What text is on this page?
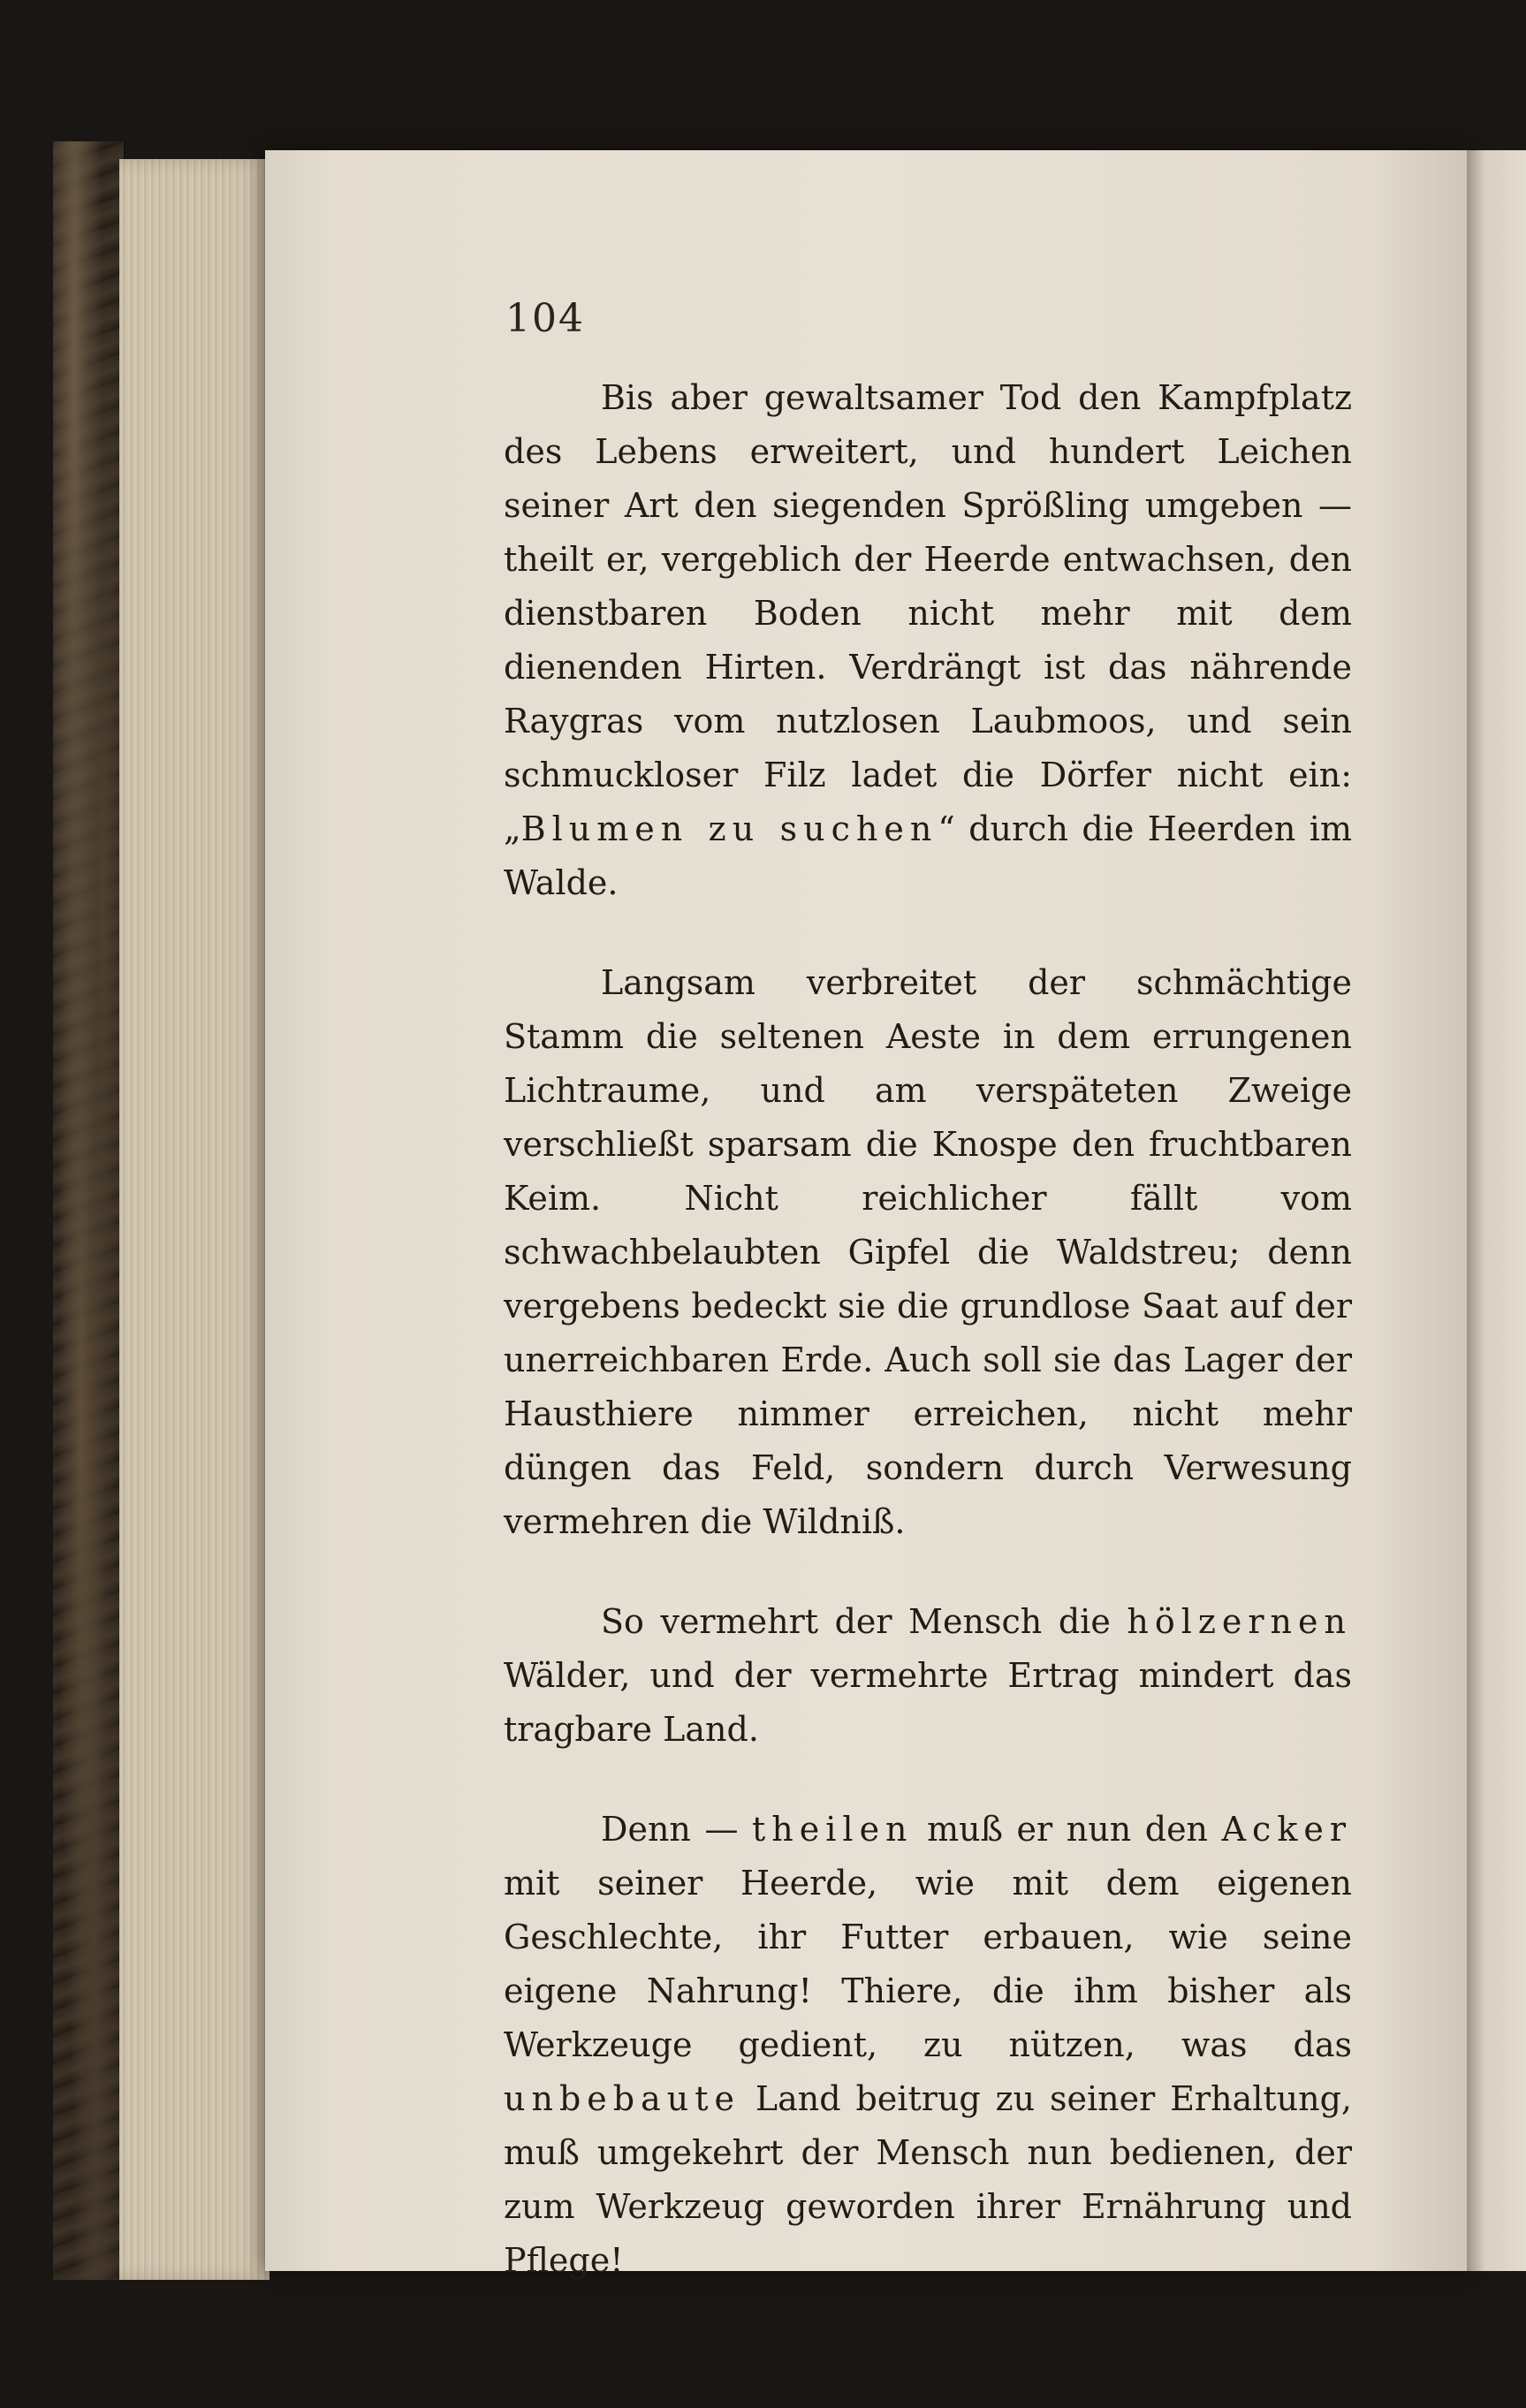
104

Bis aber gewaltsamer Tod den Kampfplatz des Lebens erweitert, und hundert Leichen seiner Art den siegenden Sprößling umgeben — theilt er, vergeblich der Heerde entwachsen, den dienstbaren Boden nicht mehr mit dem dienenden Hirten. Verdrängt ist das nährende Raygras vom nutzlosen Laubmoos, und sein schmuckloser Filz ladet die Dörfer nicht ein: „Blumen zu suchen“ durch die Heerden im Walde.

Langsam verbreitet der schmächtige Stamm die seltenen Aeste in dem errungenen Lichtraume, und am verspäteten Zweige verschließt sparsam die Knospe den fruchtbaren Keim. Nicht reichlicher fällt vom schwachbelaubten Gipfel die Waldstreu; denn vergebens bedeckt sie die grundlose Saat auf der unerreichbaren Erde. Auch soll sie das Lager der Hausthiere nimmer erreichen, nicht mehr düngen das Feld, sondern durch Verwesung vermehren die Wildniß.

So vermehrt der Mensch die hölzernen Wälder, und der vermehrte Ertrag mindert das tragbare Land.

Denn — theilen muß er nun den Acker mit seiner Heerde, wie mit dem eigenen Geschlechte, ihr Futter erbauen, wie seine eigene Nahrung! Thiere, die ihm bisher als Werkzeuge gedient, zu nützen, was das unbebaute Land beitrug zu seiner Erhaltung, muß umgekehrt der Mensch nun bedienen, der zum Werkzeug geworden ihrer Ernährung und Pflege!
